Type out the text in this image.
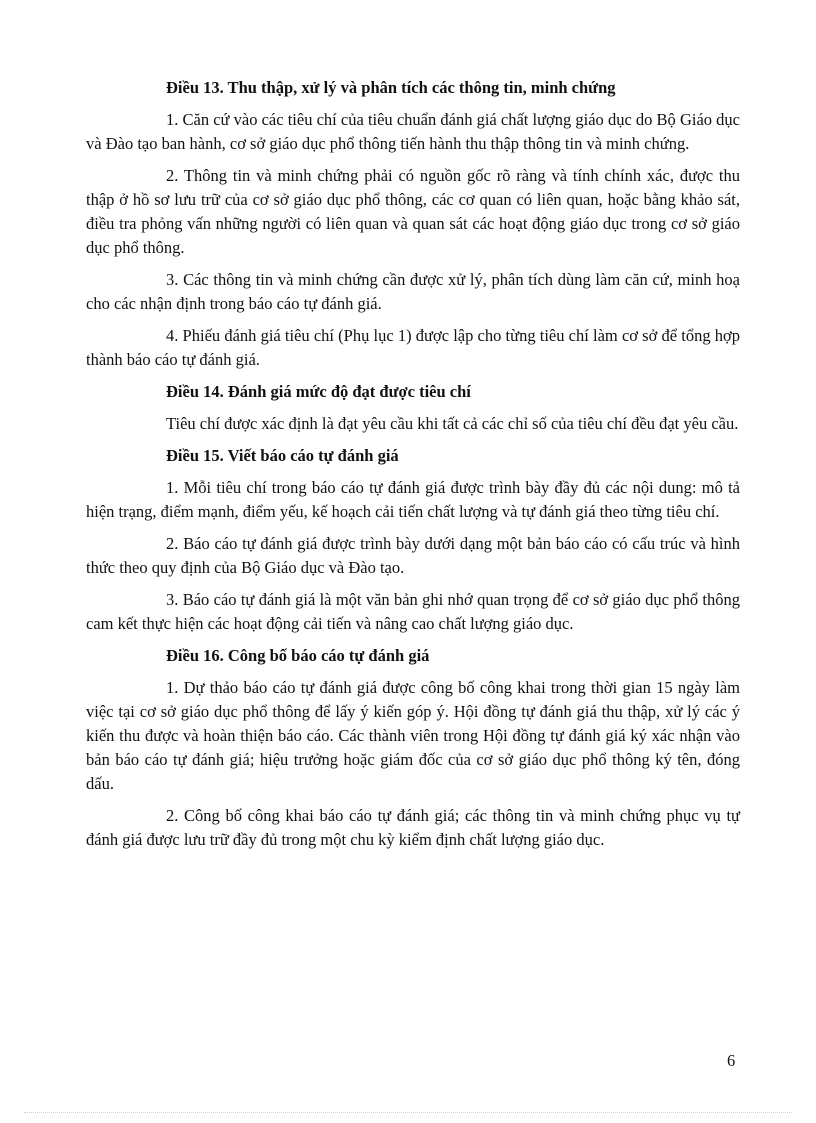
Điều 13. Thu thập, xử lý và phân tích các thông tin, minh chứng

1. Căn cứ vào các tiêu chí của tiêu chuẩn đánh giá chất lượng giáo dục do Bộ Giáo dục và Đào tạo ban hành, cơ sở giáo dục phổ thông tiến hành thu thập thông tin và minh chứng.

2. Thông tin và minh chứng phải có nguồn gốc rõ ràng và tính chính xác, được thu thập ở hồ sơ lưu trữ của cơ sở giáo dục phổ thông, các cơ quan có liên quan, hoặc bằng khảo sát, điều tra phỏng vấn những người có liên quan và quan sát các hoạt động giáo dục trong cơ sở giáo dục phổ thông.

3. Các thông tin và minh chứng cần được xử lý, phân tích dùng làm căn cứ, minh hoạ cho các nhận định trong báo cáo tự đánh giá.

4. Phiếu đánh giá tiêu chí (Phụ lục 1) được lập cho từng tiêu chí làm cơ sở để tổng hợp thành báo cáo tự đánh giá.

Điều 14. Đánh giá mức độ đạt được tiêu chí

Tiêu chí được xác định là đạt yêu cầu khi tất cả các chỉ số của tiêu chí đều đạt yêu cầu.

Điều 15. Viết báo cáo tự đánh giá

1. Mỗi tiêu chí trong báo cáo tự đánh giá được trình bày đầy đủ các nội dung: mô tả hiện trạng, điểm mạnh, điểm yếu, kế hoạch cải tiến chất lượng và tự đánh giá theo từng tiêu chí.

2. Báo cáo tự đánh giá được trình bày dưới dạng một bản báo cáo có cấu trúc và hình thức theo quy định của Bộ Giáo dục và Đào tạo.

3. Báo cáo tự đánh giá là một văn bản ghi nhớ quan trọng để cơ sở giáo dục phổ thông cam kết thực hiện các hoạt động cải tiến và nâng cao chất lượng giáo dục.

Điều 16. Công bố báo cáo tự đánh giá

1. Dự thảo báo cáo tự đánh giá được công bố công khai trong thời gian 15 ngày làm việc tại cơ sở giáo dục phổ thông để lấy ý kiến góp ý. Hội đồng tự đánh giá thu thập, xử lý các ý kiến thu được và hoàn thiện báo cáo. Các thành viên trong Hội đồng tự đánh giá ký xác nhận vào bản báo cáo tự đánh giá; hiệu trưởng hoặc giám đốc của cơ sở giáo dục phổ thông ký tên, đóng dấu.

2. Công bố công khai báo cáo tự đánh giá; các thông tin và minh chứng phục vụ tự đánh giá được lưu trữ đầy đủ trong một chu kỳ kiểm định chất lượng giáo dục.

6
